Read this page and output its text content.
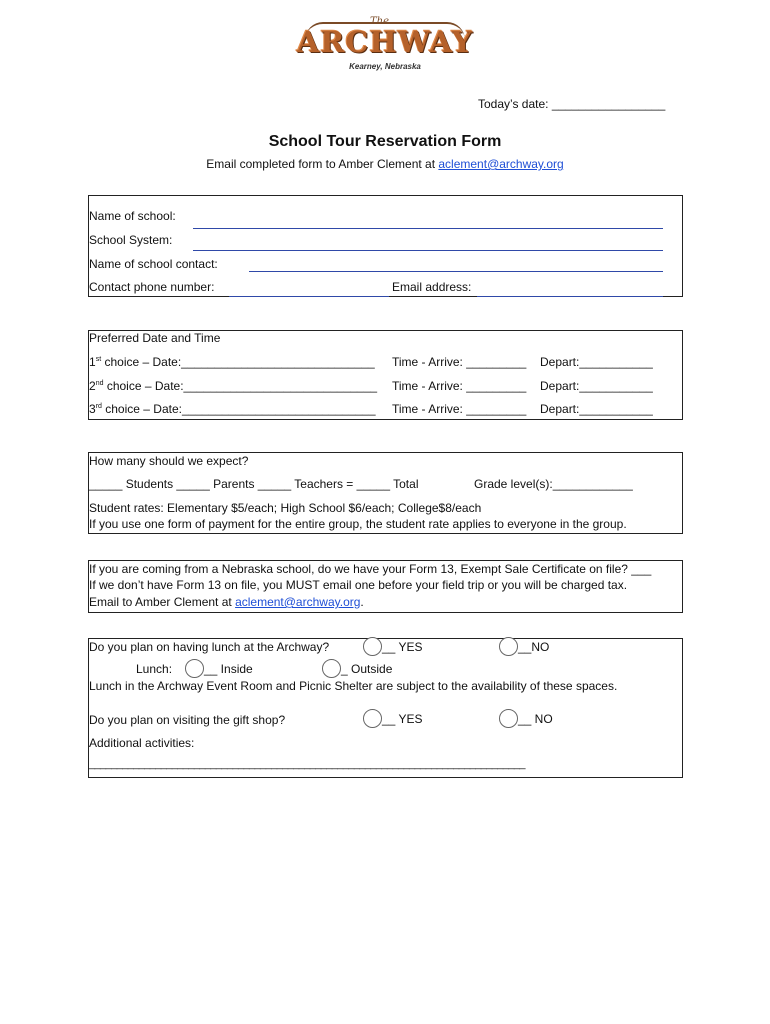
The
ARCHWAY
Kearney, Nebraska
Today’s date: _________________
School Tour Reservation Form
Email completed form to Amber Clement at aclement@archway.org
Name of school:
School System:
Name of school contact:
Contact phone number:	Email address:
Preferred Date and Time
1st choice – Date:_____________________________ Time - Arrive: _________ Depart:___________
2nd choice – Date:_____________________________ Time - Arrive: _________ Depart:___________
3rd choice – Date:_____________________________ Time - Arrive: _________ Depart:___________
How many should we expect?
_____ Students _____ Parents _____ Teachers = _____ Total	Grade level(s):____________
Student rates: Elementary $5/each; High School $6/each; College$8/each
If you use one form of payment for the entire group, the student rate applies to everyone in the group.
If you are coming from a Nebraska school, do we have your Form 13, Exempt Sale Certificate on file? ___
If we don’t have Form 13 on file, you MUST email one before your field trip or you will be charged tax.
Email to Amber Clement at aclement@archway.org.
Do you plan on having lunch at the Archway?	__ YES	__NO
Lunch:	__ Inside	_ Outside
Lunch in the Archway Event Room and Picnic Shelter are subject to the availability of these spaces.
Do you plan on visiting the gift shop?	__ YES	__ NO
Additional activities:
_______________________________________________________________________________
